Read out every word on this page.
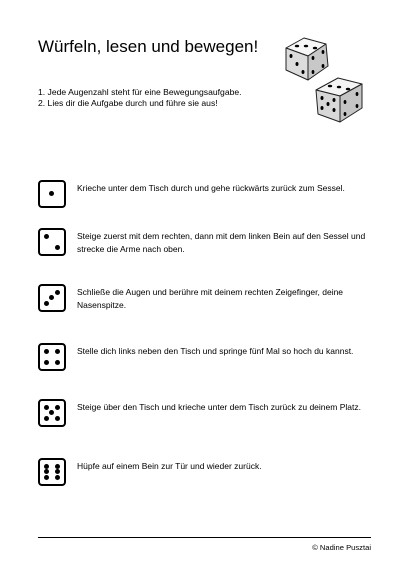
Würfeln, lesen und bewegen!
1. Jede Augenzahl steht für eine Bewegungsaufgabe.
2. Lies dir die Aufgabe durch und führe sie aus!
Krieche unter dem Tisch durch und gehe rückwärts zurück zum Sessel.
Steige zuerst mit dem rechten, dann mit dem linken Bein auf den Sessel und strecke die Arme nach oben.
Schließe die Augen und berühre mit deinem rechten Zeigefinger, deine Nasenspitze.
Stelle dich links neben den Tisch und springe fünf Mal so hoch du kannst.
Steige über den Tisch und krieche unter dem Tisch zurück zu deinem Platz.
Hüpfe auf einem Bein zur Tür und wieder zurück.
© Nadine Pusztai
